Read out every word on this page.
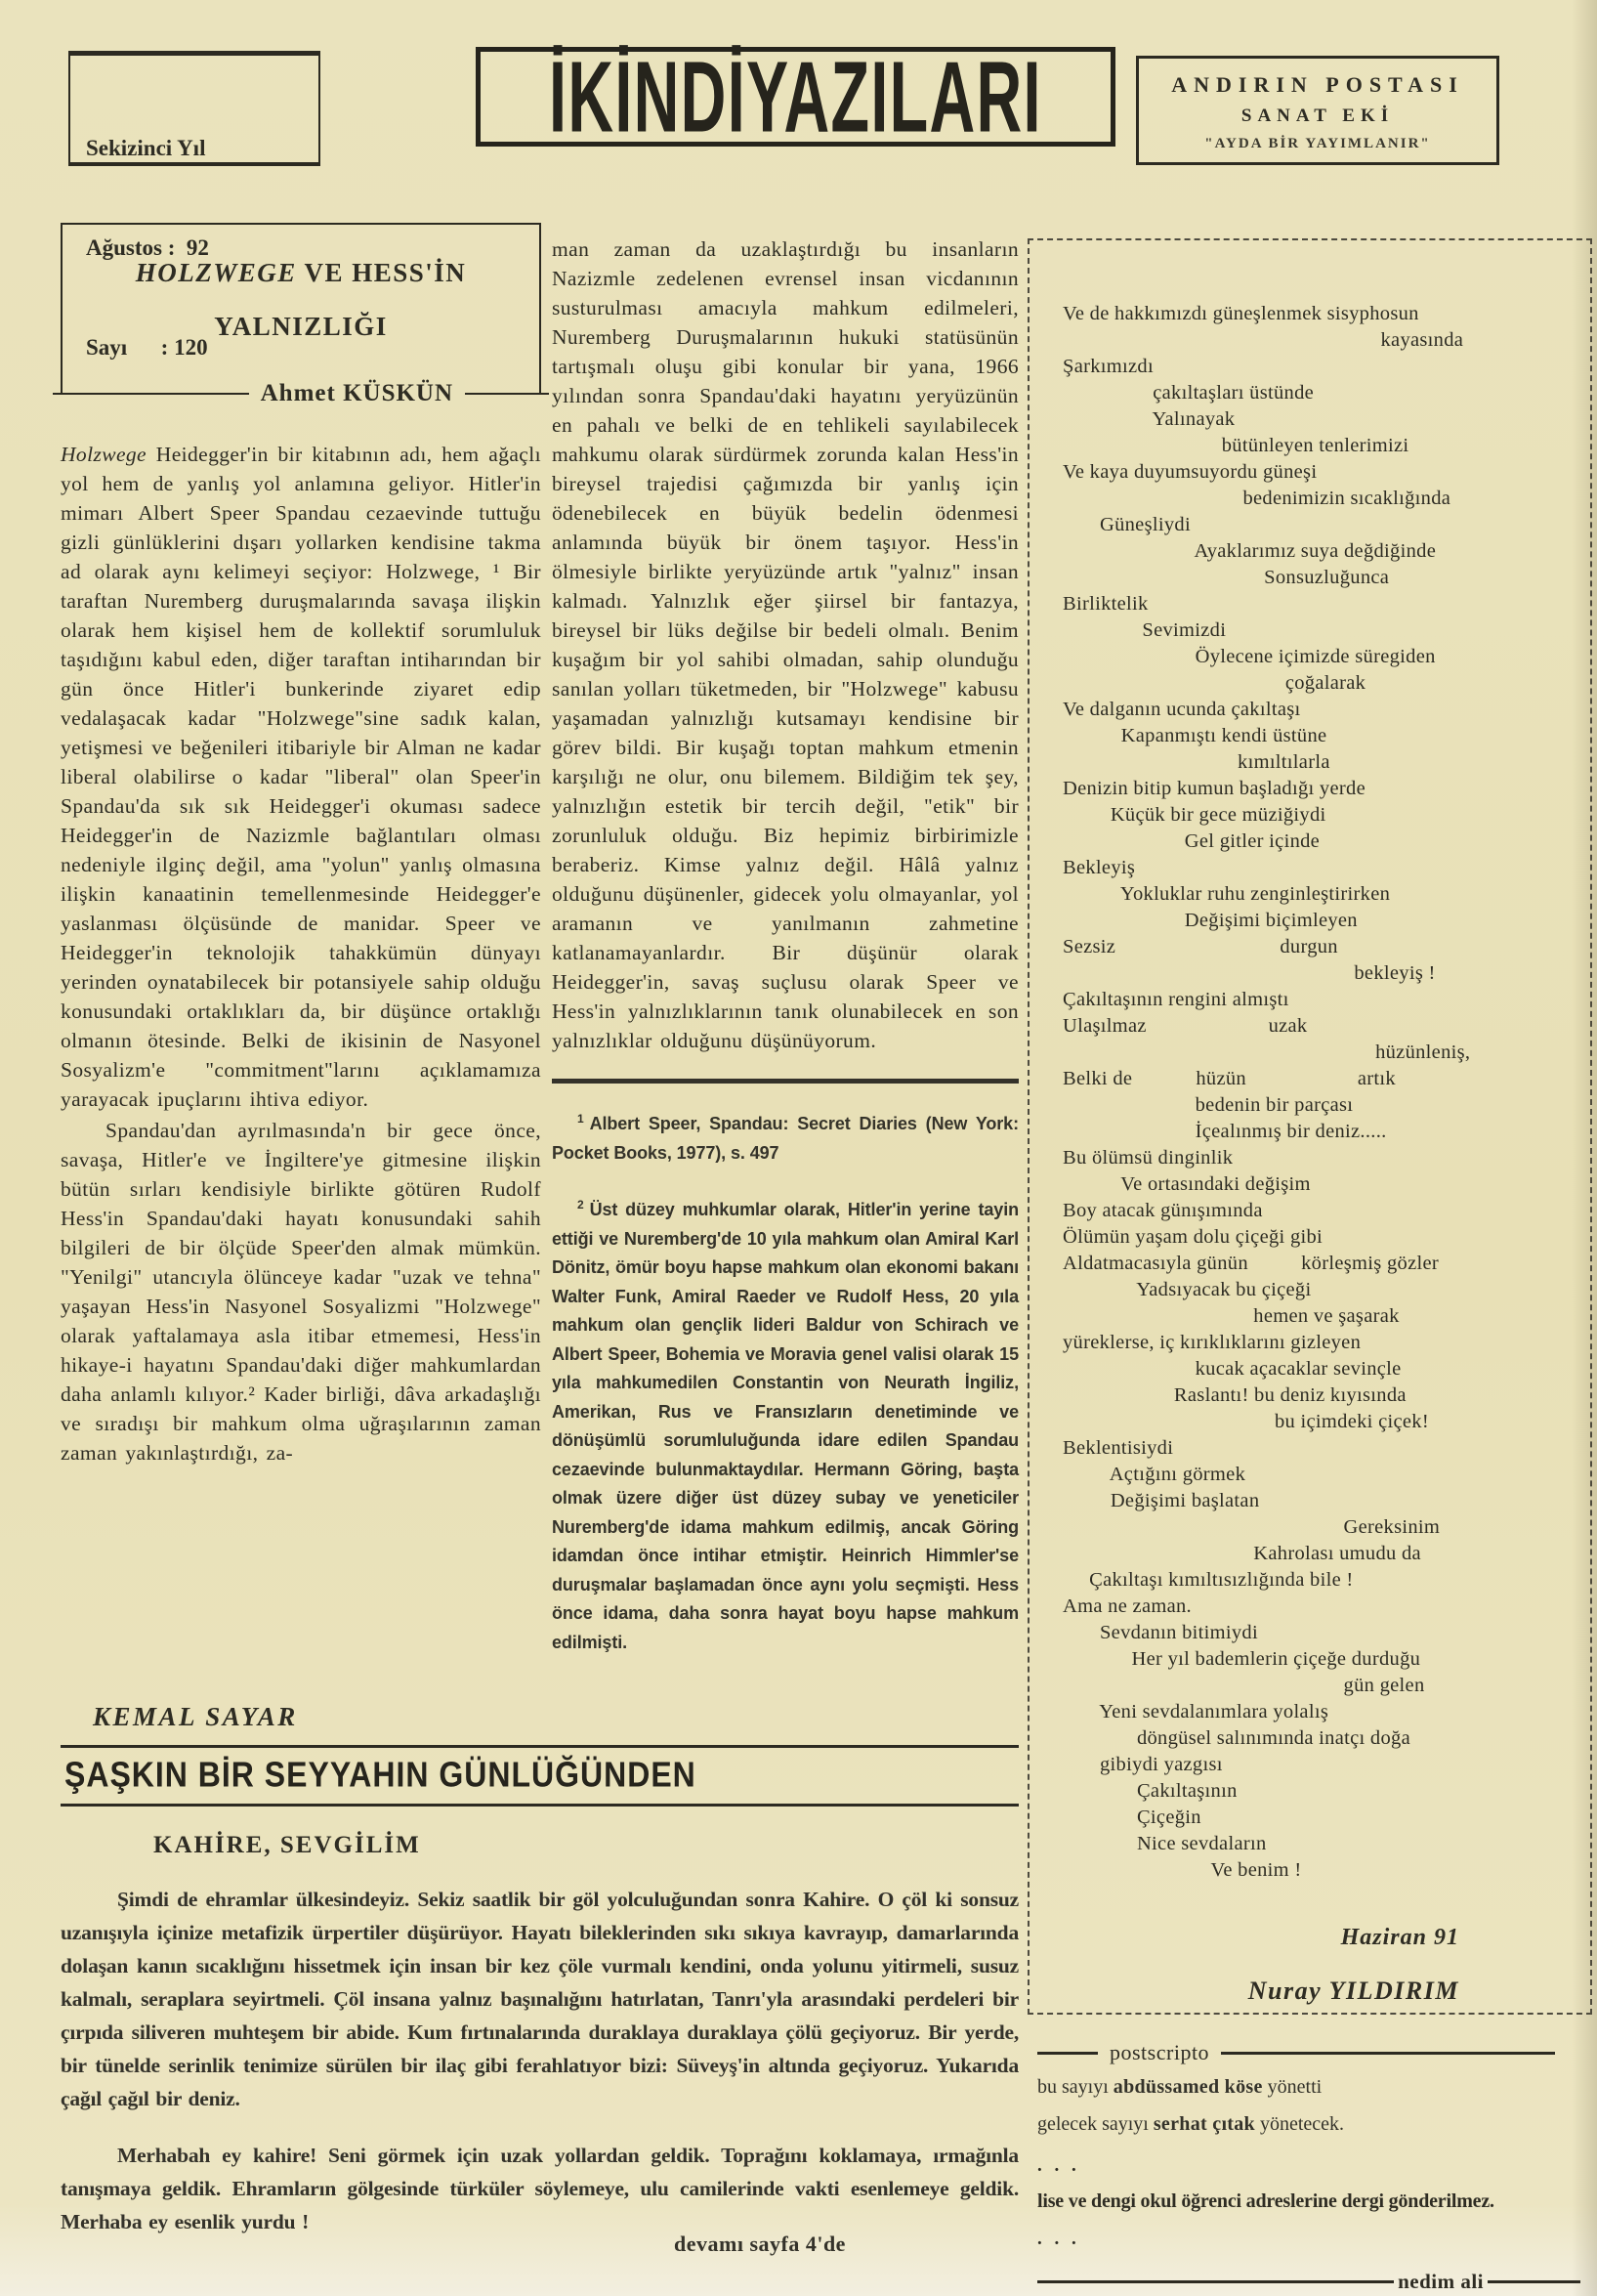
Sekizinci Yıl

Ağustos :  92

Sayı      : 120

İKİNDİYAZILARI	ANDIRIN POSTASI
SANAT EKİ
"AYDA BİR YAYIMLANIR"
HOLZWEGE VE HESS'İN
YALNIZLIĞI
Ahmet KÜSKÜN

Holzwege Heidegger'in bir kitabının adı, hem ağaçlı yol hem de yanlış yol anlamına geliyor. Hitler'in mimarı Albert Speer Spandau cezaevinde tuttuğu gizli günlüklerini dışarı yollarken kendisine takma ad olarak aynı kelimeyi seçiyor: Holzwege, ¹ Bir taraftan Nuremberg duruşmalarında savaşa ilişkin olarak hem kişisel hem de kollektif sorumluluk taşıdığını kabul eden, diğer taraftan intiharından bir gün önce Hitler'i bunkerinde ziyaret edip vedalaşacak kadar "Holzwege"sine sadık kalan, yetişmesi ve beğenileri itibariyle bir Alman ne kadar liberal olabilirse o kadar "liberal" olan Speer'in Spandau'da sık sık Heidegger'i okuması sadece Heidegger'in de Nazizmle bağlantıları olması nedeniyle ilginç değil, ama "yolun" yanlış olmasına ilişkin kanaatinin temellenmesinde Heidegger'e yaslanması ölçüsünde de manidar. Speer ve Heidegger'in teknolojik tahakkümün dünyayı yerinden oynatabilecek bir potansiyele sahip olduğu konusundaki ortaklıkları da, bir düşünce ortaklığı olmanın ötesinde. Belki de ikisinin de Nasyonel Sosyalizm'e "commitment"larını açıklamamıza yarayacak ipuçlarını ihtiva ediyor.

Spandau'dan ayrılmasında'n bir gece önce, savaşa, Hitler'e ve İngiltere'ye gitmesine ilişkin bütün sırları kendisiyle birlikte götüren Rudolf Hess'in Spandau'daki hayatı konusundaki sahih bilgileri de bir ölçüde Speer'den almak mümkün. "Yenilgi" utancıyla ölünceye kadar "uzak ve tehna" yaşayan Hess'in Nasyonel Sosyalizmi "Holzwege" olarak yaftalamaya asla itibar etmemesi, Hess'in hikaye-i hayatını Spandau'daki diğer mahkumlardan daha anlamlı kılıyor.² Kader birliği, dâva arkadaşlığı ve sıradışı bir mahkum olma uğraşılarının zaman zaman yakınlaştırdığı, za-

man zaman da uzaklaştırdığı bu insanların Nazizmle zedelenen evrensel insan vicdanının susturulması amacıyla mahkum edilmeleri, Nuremberg Duruşmalarının hukuki statüsünün tartışmalı oluşu gibi konular bir yana, 1966 yılından sonra Spandau'daki hayatını yeryüzünün en pahalı ve belki de en tehlikeli sayılabilecek mahkumu olarak sürdürmek zorunda kalan Hess'in bireysel trajedisi çağımızda bir yanlış için ödenebilecek en büyük bedelin ödenmesi anlamında büyük bir önem taşıyor. Hess'in ölmesiyle birlikte yeryüzünde artık "yalnız" insan kalmadı. Yalnızlık eğer şiirsel bir fantazya, bireysel bir lüks değilse bir bedeli olmalı. Benim kuşağım bir yol sahibi olmadan, sahip olunduğu sanılan yolları tüketmeden, bir "Holzwege" kabusu yaşamadan yalnızlığı kutsamayı kendisine bir görev bildi. Bir kuşağı toptan mahkum etmenin karşılığı ne olur, onu bilemem. Bildiğim tek şey, yalnızlığın estetik bir tercih değil, "etik" bir zorunluluk olduğu. Biz hepimiz birbirimizle beraberiz. Kimse yalnız değil. Hâlâ yalnız olduğunu düşünenler, gidecek yolu olmayanlar, yol aramanın ve yanılmanın zahmetine katlanamayanlardır. Bir düşünür olarak Heidegger'in, savaş suçlusu olarak Speer ve Hess'in yalnızlıklarının tanık olunabilecek en son yalnızlıklar olduğunu düşünüyorum.

$^1$ Albert Speer, Spandau: Secret Diaries (New York: Pocket Books, 1977), s. 497

$^2$ Üst düzey muhkumlar olarak, Hitler'in yerine tayin ettiği ve Nuremberg'de 10 yıla mahkum olan Amiral Karl Dönitz, ömür boyu hapse mahkum olan ekonomi bakanı Walter Funk, Amiral Raeder ve Rudolf Hess, 20 yıla mahkum olan gençlik lideri Baldur von Schirach ve Albert Speer, Bohemia ve Moravia genel valisi olarak 15 yıla mahkumedilen Constantin von Neurath İngiliz, Amerikan, Rus ve Fransızların denetiminde ve dönüşümlü sorumluluğunda idare edilen Spandau cezaevinde bulunmaktaydılar. Hermann Göring, başta olmak üzere diğer üst düzey subay ve yeneticiler Nuremberg'de idama mahkum edilmiş, ancak Göring idamdan önce intihar etmiştir. Heinrich Himmler'se duruşmalar başlamadan önce aynı yolu seçmişti. Hess önce idama, daha sonra hayat boyu hapse mahkum edilmişti.

Ve de hakkımızdı güneşlenmek sisyphosun
kayasında
Şarkımızdı
çakıltaşları üstünde
Yalınayak
bütünleyen tenlerimizi
Ve kaya duyumsuyordu güneşi
bedenimizin sıcaklığında
Güneşliydi
Ayaklarımız suya değdiğinde
Sonsuzluğunca
Birliktelik
Sevimizdi
Öylecene içimizde süregiden
çoğalarak
Ve dalganın ucunda çakıltaşı
Kapanmıştı kendi üstüne
kımıltılarla
Denizin bitip kumun başladığı yerde
Küçük bir gece müziğiydi
Gel gitler içinde
Bekleyiş
Yokluklar ruhu zenginleştirirken
Değişimi biçimleyen
Sezsiz                               durgun
bekleyiş !
Çakıltaşının rengini almıştı
Ulaşılmaz                       uzak
hüzünleniş,
Belki de            hüzün                     artık
bedenin bir parçası
İçealınmış bir deniz.....
Bu ölümsü dinginlik
Ve ortasındaki değişim
Boy atacak günışımında
Ölümün yaşam dolu çiçeği gibi
Aldatmacasıyla günün          körleşmiş gözler
Yadsıyacak bu çiçeği
hemen ve şaşarak
yüreklerse, iç kırıklıklarını gizleyen
kucak açacaklar sevinçle
Raslantı! bu deniz kıyısında
bu içimdeki çiçek!
Beklentisiydi
Açtığını görmek
Değişimi başlatan
Gereksinim
Kahrolası umudu da
Çakıltaşı kımıltısızlığında bile !
Ama ne zaman.
Sevdanın bitimiydi
Her yıl bademlerin çiçeğe durduğu
gün gelen
Yeni sevdalanımlara yolalış
döngüsel salınımında inatçı doğa
gibiydi yazgısı
Çakıltaşının
Çiçeğin
Nice sevdaların
Ve benim !
Haziran 91
Nuray YILDIRIM
KEMAL SAYAR
ŞAŞKIN BİR SEYYAHIN GÜNLÜĞÜNDEN
KAHİRE, SEVGİLİM

Şimdi de ehramlar ülkesindeyiz. Sekiz saatlik bir göl yolculuğundan sonra Kahire. O çöl ki sonsuz uzanışıyla içinize metafizik ürpertiler düşürüyor. Hayatı bileklerinden sıkı sıkıya kavrayıp, damarlarında dolaşan kanın sıcaklığını hissetmek için insan bir kez çöle vurmalı kendini, onda yolunu yitirmeli, susuz kalmalı, seraplara seyirtmeli. Çöl insana yalnız başınalığını hatırlatan, Tanrı'yla arasındaki perdeleri bir çırpıda siliveren muhteşem bir abide. Kum fırtınalarında duraklaya duraklaya çölü geçiyoruz. Bir yerde, bir tünelde serinlik tenimize sürülen bir ilaç gibi ferahlatıyor bizi: Süveyş'in altında geçiyoruz. Yukarıda çağıl çağıl bir deniz.

Merhabah ey kahire! Seni görmek için uzak yollardan geldik. Toprağını koklamaya, ırmağınla tanışmaya geldik. Ehramların gölgesinde türküler söylemeye, ulu camilerinde vakti esenlemeye geldik. Merhaba ey esenlik yurdu !

devamı sayfa 4'de
postscripto
bu sayıyı abdüssamed köse yönetti
gelecek sayıyı serhat çıtak yönetecek.
. . .
lise ve dengi okul öğrenci adreslerine dergi gönderilmez.
. . .
nedim ali
